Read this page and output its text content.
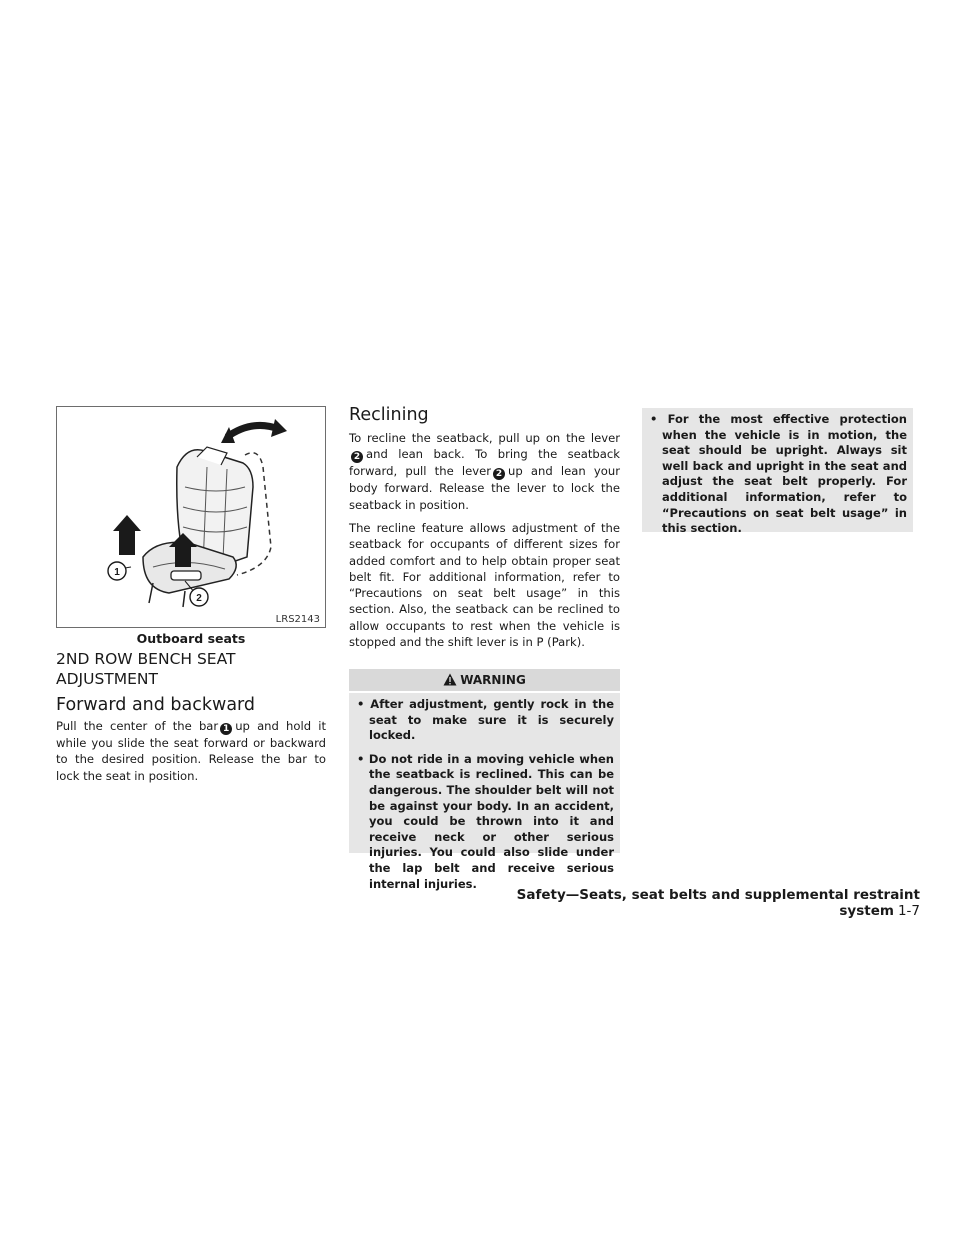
1
2
LRS2143
Outboard seats
2ND ROW BENCH SEAT ADJUSTMENT
Forward and backward

Pull the center of the bar 1 up and hold it while you slide the seat forward or backward to the desired position. Release the bar to lock the seat in position.

Reclining

To recline the seatback, pull up on the lever 2 and lean back. To bring the seatback forward, pull the lever 2 up and lean your body forward. Release the lever to lock the seatback in position.

The recline feature allows adjustment of the seatback for occupants of different sizes for added comfort and to help obtain proper seat belt fit. For additional information, refer to “Precautions on seat belt usage” in this section. Also, the seatback can be reclined to allow occupants to rest when the vehicle is stopped and the shift lever is in P (Park).

WARNING

• After adjustment, gently rock in the seat to make sure it is securely locked.

• Do not ride in a moving vehicle when the seatback is reclined. This can be dangerous. The shoulder belt will not be against your body. In an accident, you could be thrown into it and receive neck or other serious injuries. You could also slide under the lap belt and receive serious internal injuries.

• For the most effective protection when the vehicle is in motion, the seat should be upright. Always sit well back and upright in the seat and adjust the seat belt properly. For additional information, refer to “Precautions on seat belt usage” in this section.

Safety—Seats, seat belts and supplemental restraint system 1-7
